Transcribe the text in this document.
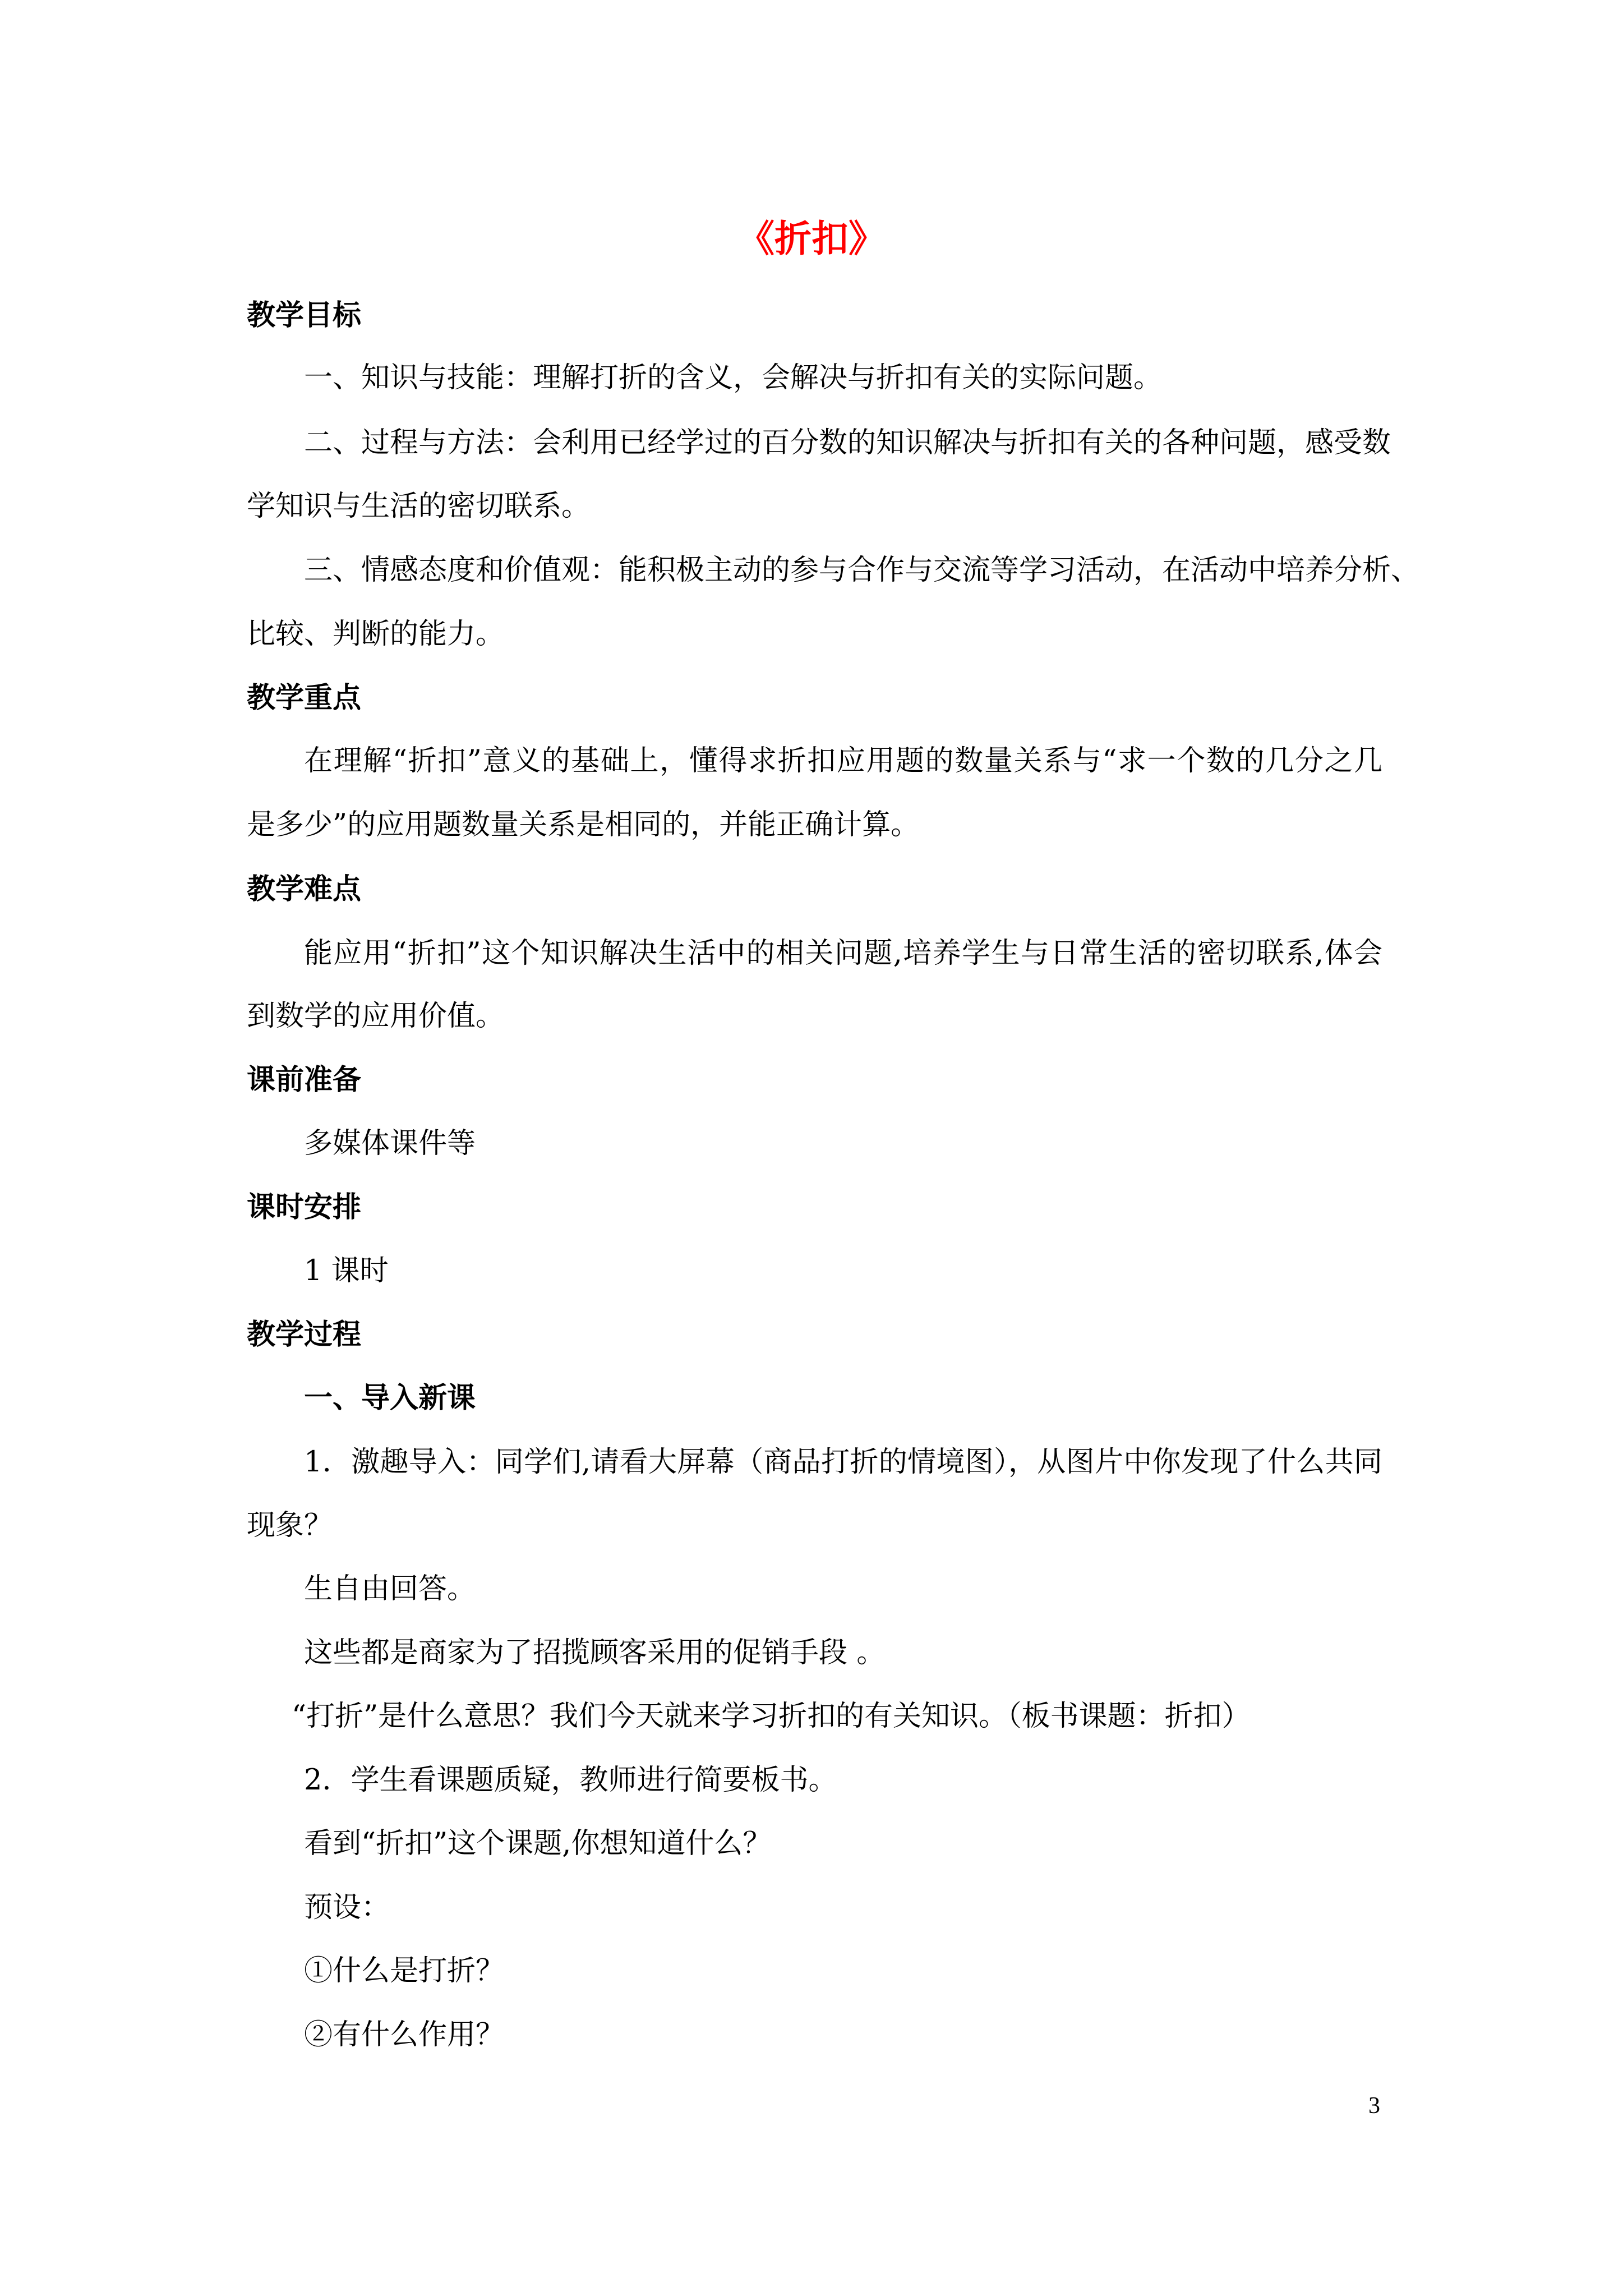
《折扣》
教学目标
一、知识与技能：理解打折的含义，会解决与折扣有关的实际问题。
二、过程与方法：会利用已经学过的百分数的知识解决与折扣有关的各种问题，感受数
学知识与生活的密切联系。
三、情感态度和价值观：能积极主动的参与合作与交流等学习活动，在活动中培养分析、
比较、判断的能力。
教学重点
在理解“折扣”意义的基础上，懂得求折扣应用题的数量关系与“求一个数的几分之几
是多少”的应用题数量关系是相同的，并能正确计算。
教学难点
能应用“折扣”这个知识解决生活中的相关问题,培养学生与日常生活的密切联系,体会
到数学的应用价值。
课前准备
多媒体课件等
课时安排
1 课时
教学过程
一、导入新课
1．激趣导入：同学们,请看大屏幕（商品打折的情境图），从图片中你发现了什么共同
现象？
生自由回答。
这些都是商家为了招揽顾客采用的促销手段 。
“打折”是什么意思？我们今天就来学习折扣的有关知识。（板书课题：折扣）
2．学生看课题质疑，教师进行简要板书。
看到“折扣”这个课题,你想知道什么？
预设：
①什么是打折？
②有什么作用？
3
